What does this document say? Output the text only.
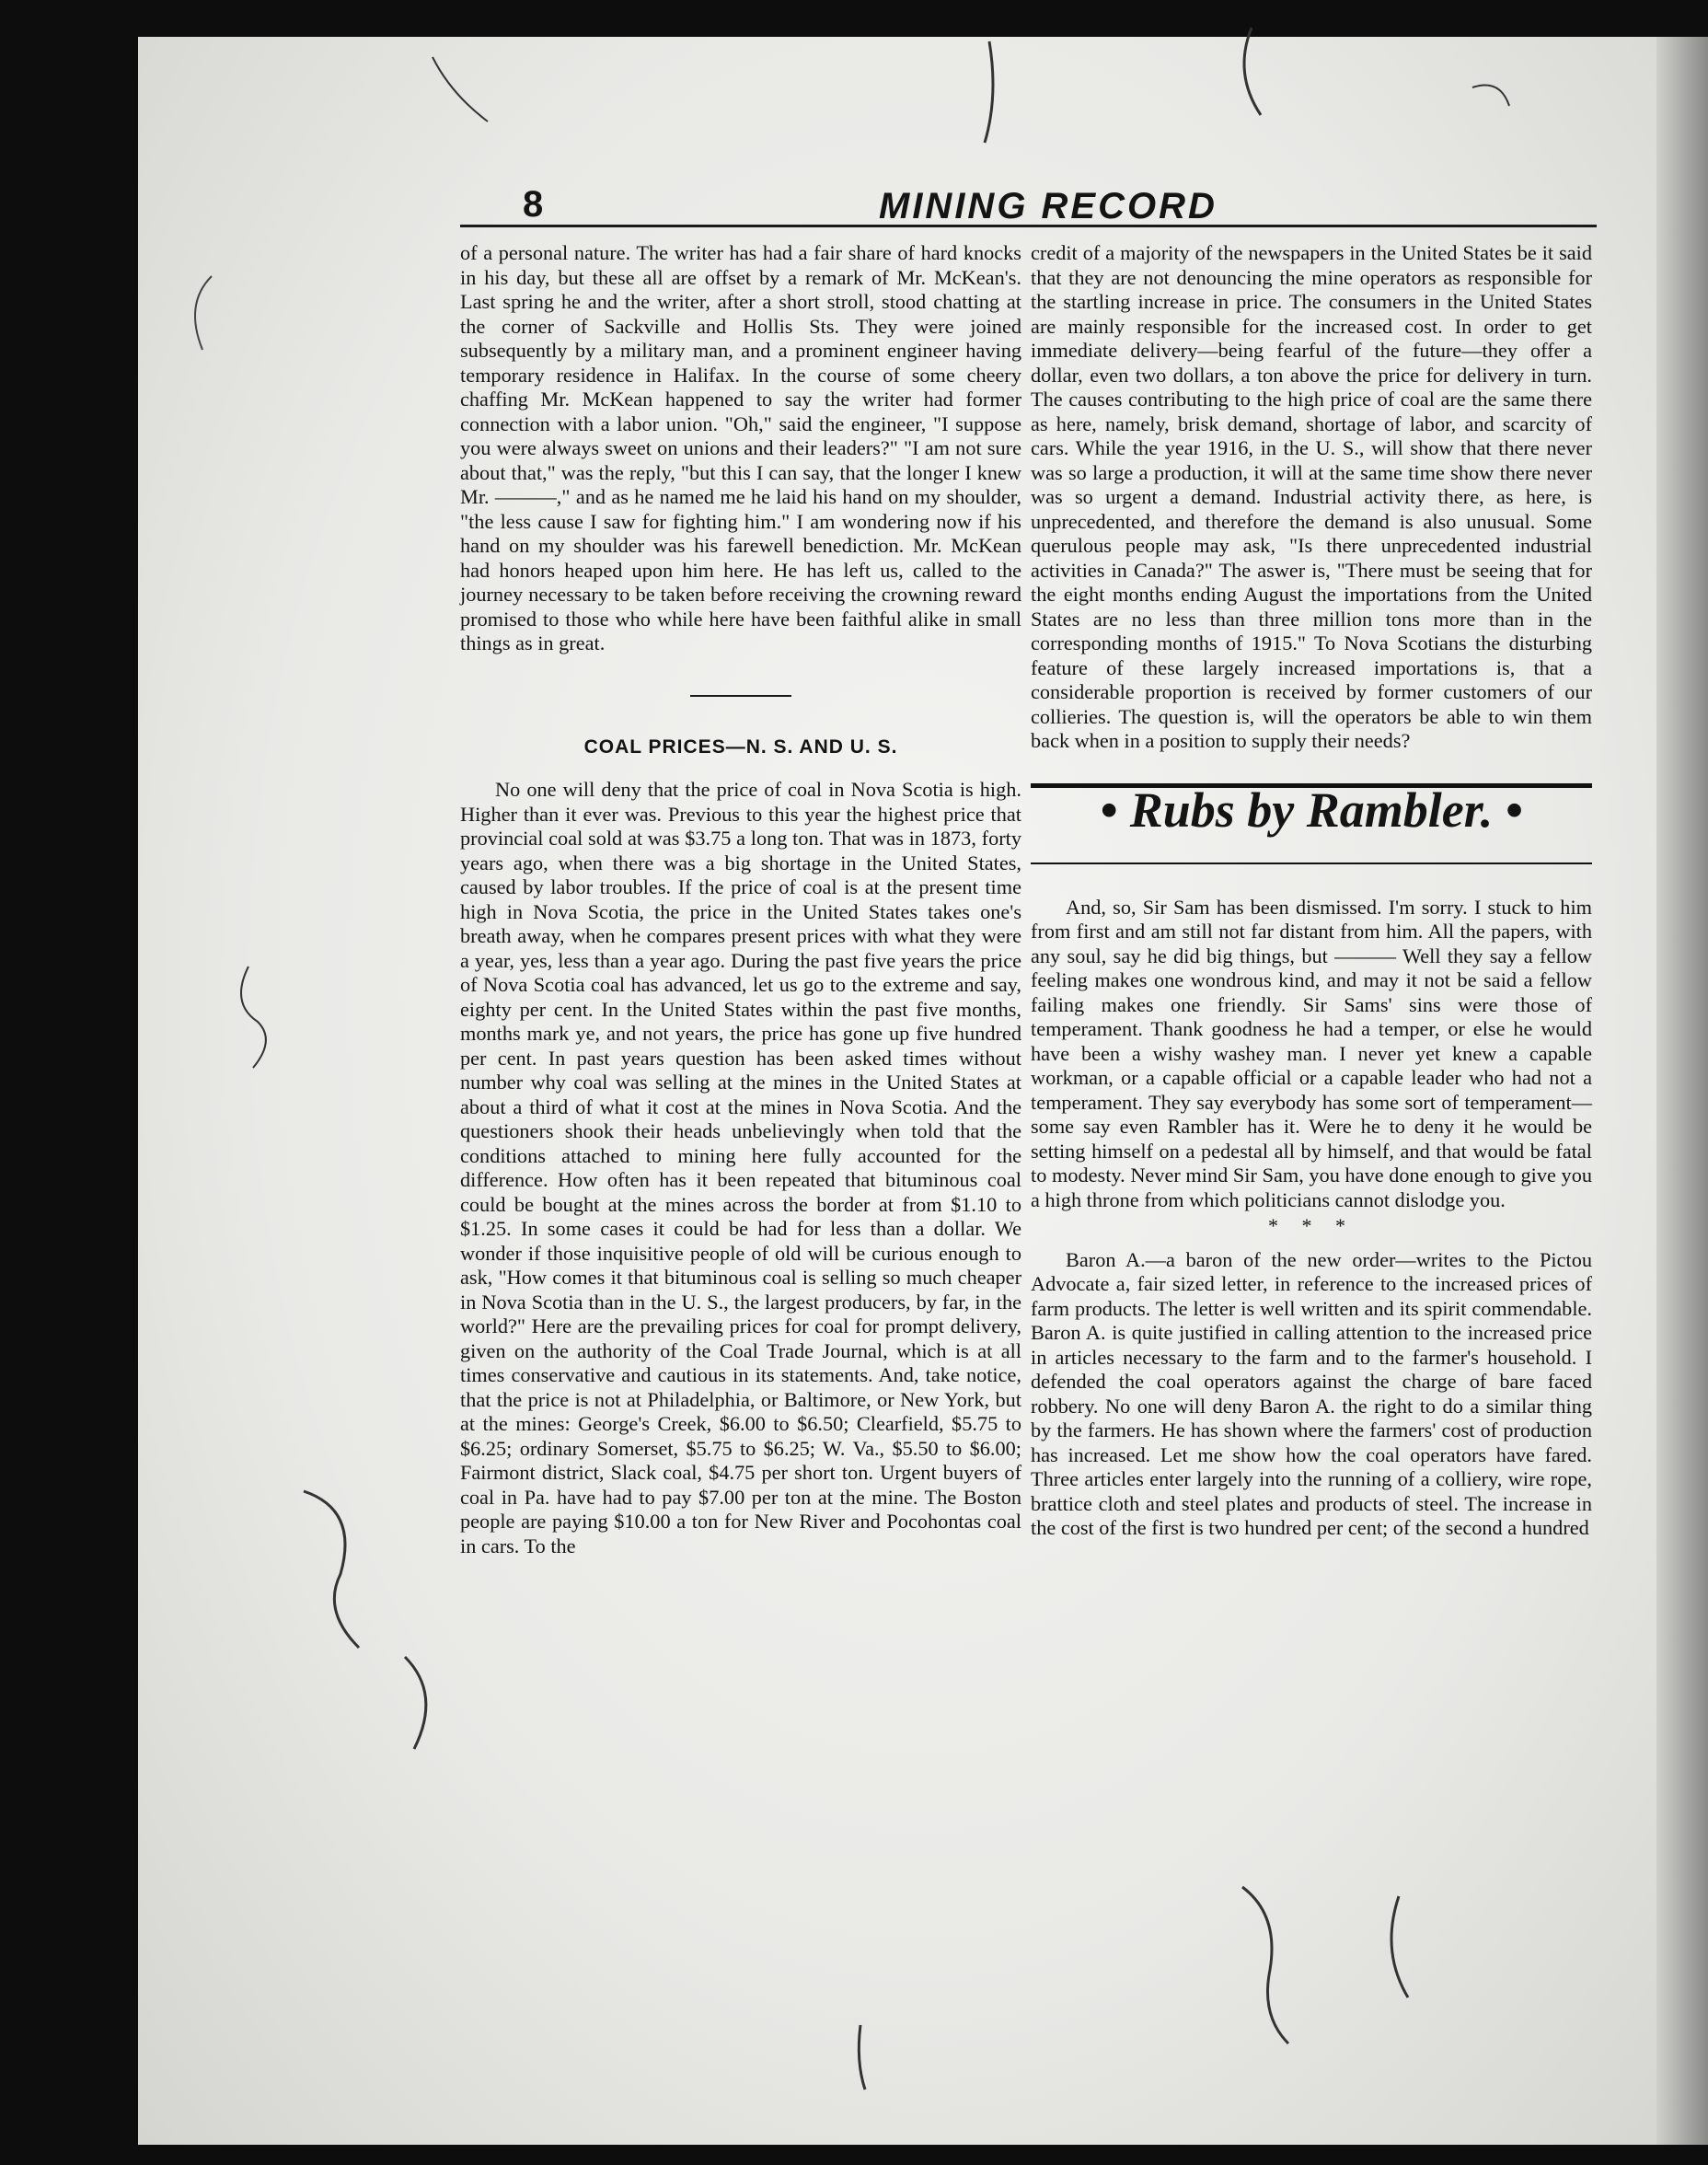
8	MINING RECORD

of a personal nature. The writer has had a fair share of hard knocks in his day, but these all are offset by a remark of Mr. McKean's. Last spring he and the writer, after a short stroll, stood chatting at the corner of Sackville and Hollis Sts. They were joined subsequently by a military man, and a prominent engineer having temporary residence in Halifax. In the course of some cheery chaffing Mr. McKean happened to say the writer had former connection with a labor union. "Oh," said the engineer, "I suppose you were always sweet on unions and their leaders?" "I am not sure about that," was the reply, "but this I can say, that the longer I knew Mr. ———," and as he named me he laid his hand on my shoulder, "the less cause I saw for fighting him." I am wondering now if his hand on my shoulder was his farewell benediction. Mr. McKean had honors heaped upon him here. He has left us, called to the journey necessary to be taken before receiving the crowning reward promised to those who while here have been faithful alike in small things as in great.

COAL PRICES—N. S. AND U. S.

No one will deny that the price of coal in Nova Scotia is high. Higher than it ever was. Previous to this year the highest price that provincial coal sold at was $3.75 a long ton. That was in 1873, forty years ago, when there was a big shortage in the United States, caused by labor troubles. If the price of coal is at the present time high in Nova Scotia, the price in the United States takes one's breath away, when he compares present prices with what they were a year, yes, less than a year ago. During the past five years the price of Nova Scotia coal has advanced, let us go to the extreme and say, eighty per cent. In the United States within the past five months, months mark ye, and not years, the price has gone up five hundred per cent. In past years question has been asked times without number why coal was selling at the mines in the United States at about a third of what it cost at the mines in Nova Scotia. And the questioners shook their heads unbelievingly when told that the conditions attached to mining here fully accounted for the difference. How often has it been repeated that bituminous coal could be bought at the mines across the border at from $1.10 to $1.25. In some cases it could be had for less than a dollar. We wonder if those inquisitive people of old will be curious enough to ask, "How comes it that bituminous coal is selling so much cheaper in Nova Scotia than in the U. S., the largest producers, by far, in the world?" Here are the prevailing prices for coal for prompt delivery, given on the authority of the Coal Trade Journal, which is at all times conservative and cautious in its statements. And, take notice, that the price is not at Philadelphia, or Baltimore, or New York, but at the mines: George's Creek, $6.00 to $6.50; Clearfield, $5.75 to $6.25; ordinary Somerset, $5.75 to $6.25; W. Va., $5.50 to $6.00; Fairmont district, Slack coal, $4.75 per short ton. Urgent buyers of coal in Pa. have had to pay $7.00 per ton at the mine. The Boston people are paying $10.00 a ton for New River and Pocohontas coal in cars. To the

credit of a majority of the newspapers in the United States be it said that they are not denouncing the mine operators as responsible for the startling increase in price. The consumers in the United States are mainly responsible for the increased cost. In order to get immediate delivery—being fearful of the future—they offer a dollar, even two dollars, a ton above the price for delivery in turn. The causes contributing to the high price of coal are the same there as here, namely, brisk demand, shortage of labor, and scarcity of cars. While the year 1916, in the U. S., will show that there never was so large a production, it will at the same time show there never was so urgent a demand. Industrial activity there, as here, is unprecedented, and therefore the demand is also unusual. Some querulous people may ask, "Is there unprecedented industrial activities in Canada?" The aswer is, "There must be seeing that for the eight months ending August the importations from the United States are no less than three million tons more than in the corresponding months of 1915." To Nova Scotians the disturbing feature of these largely increased importations is, that a considerable proportion is received by former customers of our collieries. The question is, will the operators be able to win them back when in a position to supply their needs?

• Rubs by Rambler. •

And, so, Sir Sam has been dismissed. I'm sorry. I stuck to him from first and am still not far distant from him. All the papers, with any soul, say he did big things, but ——— Well they say a fellow feeling makes one wondrous kind, and may it not be said a fellow failing makes one friendly. Sir Sams' sins were those of temperament. Thank goodness he had a temper, or else he would have been a wishy washey man. I never yet knew a capable workman, or a capable official or a capable leader who had not a temperament. They say everybody has some sort of temperament—some say even Rambler has it. Were he to deny it he would be setting himself on a pedestal all by himself, and that would be fatal to modesty. Never mind Sir Sam, you have done enough to give you a high throne from which politicians cannot dislodge you.

* * *

Baron A.—a baron of the new order—writes to the Pictou Advocate a, fair sized letter, in reference to the increased prices of farm products. The letter is well written and its spirit commendable. Baron A. is quite justified in calling attention to the increased price in articles necessary to the farm and to the farmer's household. I defended the coal operators against the charge of bare faced robbery. No one will deny Baron A. the right to do a similar thing by the farmers. He has shown where the farmers' cost of production has increased. Let me show how the coal operators have fared. Three articles enter largely into the running of a colliery, wire rope, brattice cloth and steel plates and products of steel. The increase in the cost of the first is two hundred per cent; of the second a hundred
